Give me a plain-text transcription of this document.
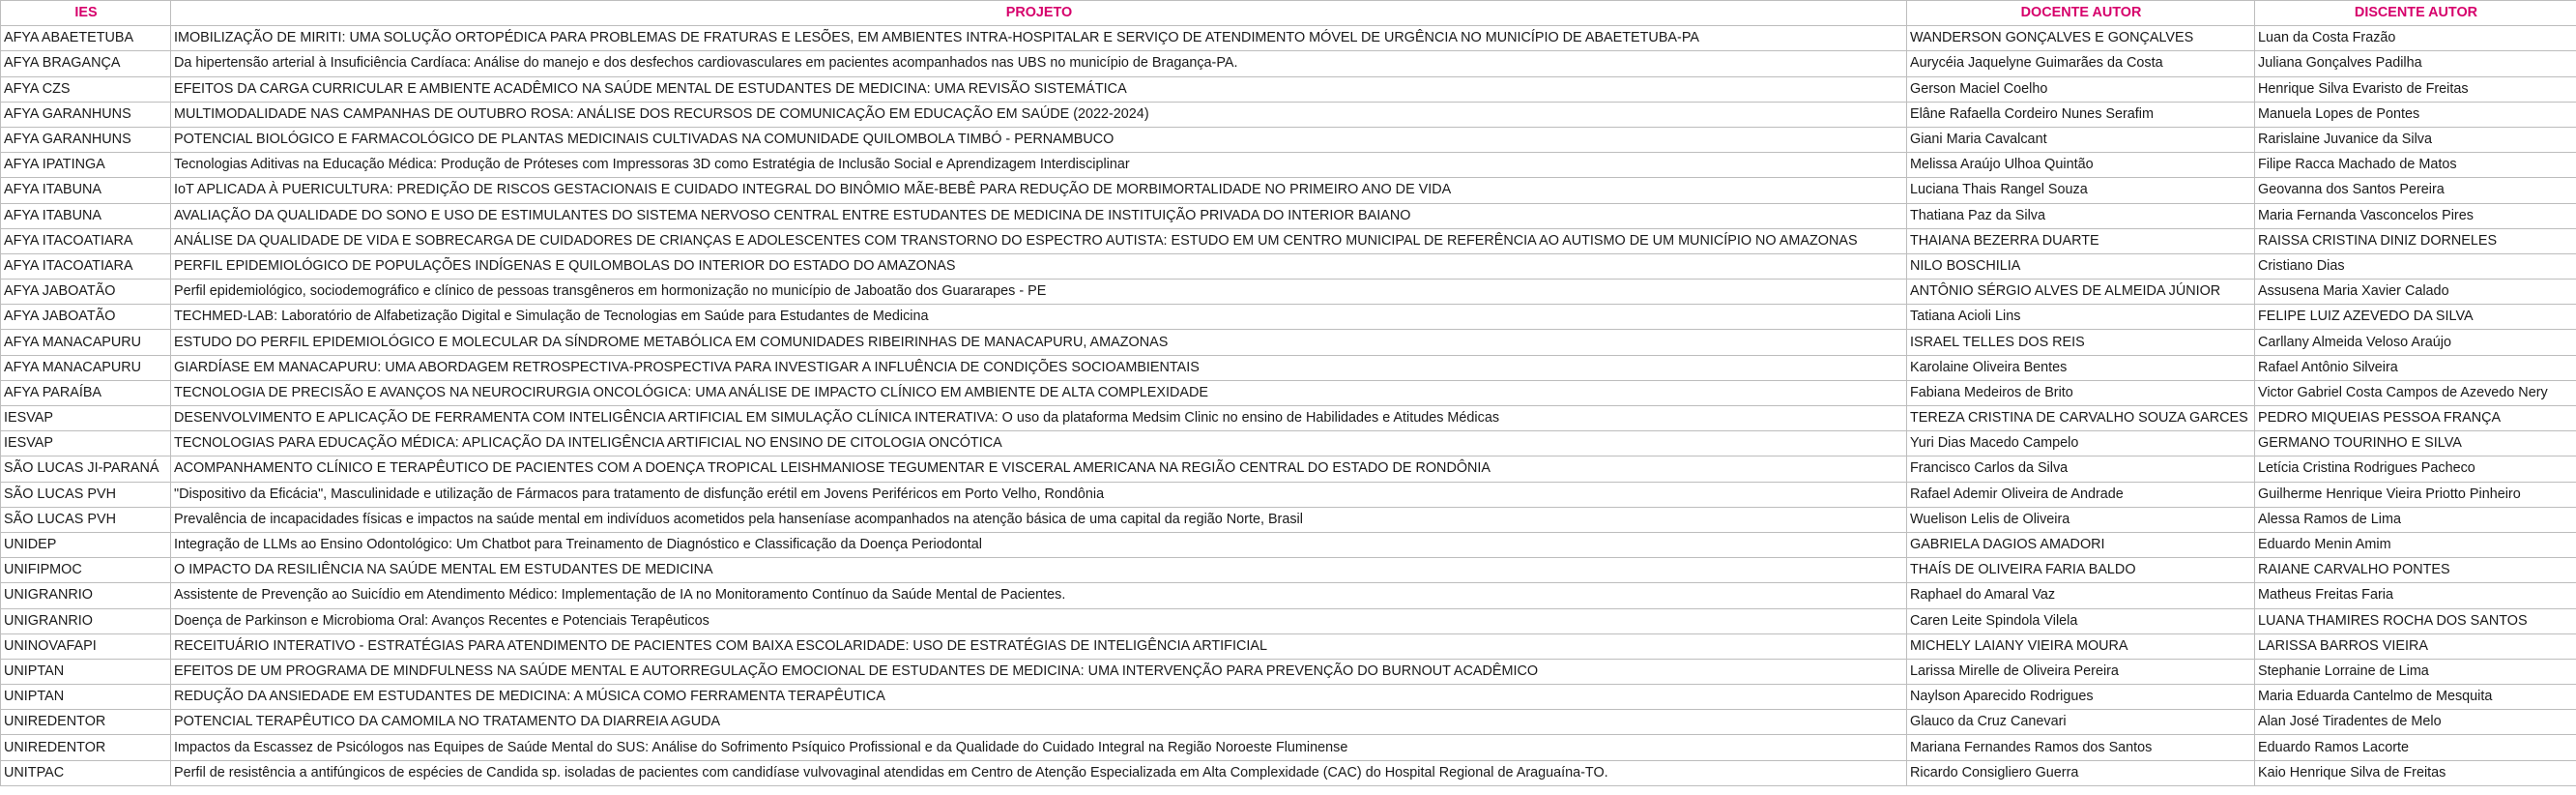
IES	PROJETO	DOCENTE AUTOR	DISCENTE AUTOR
AFYA ABAETETUBA	IMOBILIZAÇÃO DE MIRITI: UMA SOLUÇÃO ORTOPÉDICA PARA PROBLEMAS DE FRATURAS E LESÕES, EM AMBIENTES INTRA-HOSPITALAR E SERVIÇO DE ATENDIMENTO MÓVEL DE URGÊNCIA NO MUNICÍPIO DE ABAETETUBA-PA	WANDERSON GONÇALVES E GONÇALVES	Luan da Costa Frazão
AFYA BRAGANÇA	Da hipertensão arterial à Insuficiência Cardíaca: Análise do manejo e dos desfechos cardiovasculares em pacientes acompanhados nas UBS no município de Bragança-PA.	Aurycéia Jaquelyne Guimarães da Costa	Juliana Gonçalves Padilha
AFYA CZS	EFEITOS DA CARGA CURRICULAR E AMBIENTE ACADÊMICO NA SAÚDE MENTAL DE ESTUDANTES DE MEDICINA: UMA REVISÃO SISTEMÁTICA	Gerson Maciel Coelho	Henrique Silva Evaristo de Freitas
AFYA GARANHUNS	MULTIMODALIDADE NAS CAMPANHAS DE OUTUBRO ROSA: ANÁLISE DOS RECURSOS DE COMUNICAÇÃO EM EDUCAÇÃO EM SAÚDE (2022-2024)	Elâne Rafaella Cordeiro Nunes Serafim	Manuela Lopes de Pontes
AFYA GARANHUNS	POTENCIAL BIOLÓGICO E FARMACOLÓGICO DE PLANTAS MEDICINAIS CULTIVADAS NA COMUNIDADE QUILOMBOLA TIMBÓ - PERNAMBUCO	Giani Maria Cavalcant	Rarislaine Juvanice da Silva
AFYA IPATINGA	Tecnologias Aditivas na Educação Médica: Produção de Próteses com Impressoras 3D como Estratégia de Inclusão Social e Aprendizagem Interdisciplinar	Melissa Araújo Ulhoa Quintão	Filipe Racca Machado de Matos
AFYA ITABUNA	IoT APLICADA À PUERICULTURA: PREDIÇÃO DE RISCOS GESTACIONAIS E CUIDADO INTEGRAL DO BINÔMIO MÃE-BEBÊ PARA REDUÇÃO DE MORBIMORTALIDADE NO PRIMEIRO ANO DE VIDA	Luciana Thais Rangel Souza	Geovanna dos Santos Pereira
AFYA ITABUNA	AVALIAÇÃO DA QUALIDADE DO SONO E USO DE ESTIMULANTES DO SISTEMA NERVOSO CENTRAL ENTRE ESTUDANTES DE MEDICINA DE INSTITUIÇÃO PRIVADA DO INTERIOR BAIANO	Thatiana Paz da Silva	Maria Fernanda Vasconcelos Pires
AFYA ITACOATIARA	ANÁLISE DA QUALIDADE DE VIDA E SOBRECARGA DE CUIDADORES DE CRIANÇAS E ADOLESCENTES COM TRANSTORNO DO ESPECTRO AUTISTA: ESTUDO EM UM CENTRO MUNICIPAL DE REFERÊNCIA AO AUTISMO DE UM MUNICÍPIO NO AMAZONAS	THAIANA BEZERRA DUARTE	RAISSA CRISTINA DINIZ DORNELES
AFYA ITACOATIARA	PERFIL EPIDEMIOLÓGICO DE POPULAÇÕES INDÍGENAS E QUILOMBOLAS DO INTERIOR DO ESTADO DO AMAZONAS	NILO BOSCHILIA	Cristiano Dias
AFYA JABOATÃO	Perfil epidemiológico, sociodemográfico e clínico de pessoas transgêneros em hormonização no município de Jaboatão dos Guararapes - PE	ANTÔNIO SÉRGIO ALVES DE ALMEIDA JÚNIOR	Assusena Maria Xavier Calado
AFYA JABOATÃO	TECHMED-LAB: Laboratório de Alfabetização Digital e Simulação de Tecnologias em Saúde para Estudantes de Medicina	Tatiana Acioli Lins	FELIPE LUIZ AZEVEDO DA SILVA
AFYA MANACAPURU	ESTUDO DO PERFIL EPIDEMIOLÓGICO E MOLECULAR DA SÍNDROME METABÓLICA EM COMUNIDADES RIBEIRINHAS DE MANACAPURU, AMAZONAS	ISRAEL TELLES DOS REIS	Carllany Almeida Veloso Araújo
AFYA MANACAPURU	GIARDÍASE EM MANACAPURU: UMA ABORDAGEM RETROSPECTIVA-PROSPECTIVA PARA INVESTIGAR A INFLUÊNCIA DE CONDIÇÕES SOCIOAMBIENTAIS	Karolaine Oliveira Bentes	Rafael Antônio Silveira
AFYA PARAÍBA	TECNOLOGIA DE PRECISÃO E AVANÇOS NA NEUROCIRURGIA ONCOLÓGICA: UMA ANÁLISE DE IMPACTO CLÍNICO EM AMBIENTE DE ALTA COMPLEXIDADE	Fabiana Medeiros de Brito	Victor Gabriel Costa Campos de Azevedo Nery
IESVAP	DESENVOLVIMENTO E APLICAÇÃO DE FERRAMENTA COM INTELIGÊNCIA ARTIFICIAL EM SIMULAÇÃO CLÍNICA INTERATIVA: O uso da plataforma Medsim Clinic no ensino de Habilidades e Atitudes Médicas	TEREZA CRISTINA DE CARVALHO SOUZA GARCES	PEDRO MIQUEIAS PESSOA FRANÇA
IESVAP	TECNOLOGIAS PARA EDUCAÇÃO MÉDICA: APLICAÇÃO DA INTELIGÊNCIA ARTIFICIAL NO ENSINO DE CITOLOGIA ONCÓTICA	Yuri Dias Macedo Campelo	GERMANO TOURINHO E SILVA
SÃO LUCAS JI-PARANÁ	ACOMPANHAMENTO CLÍNICO E TERAPÊUTICO DE PACIENTES COM A DOENÇA TROPICAL LEISHMANIOSE TEGUMENTAR E VISCERAL AMERICANA NA REGIÃO CENTRAL DO ESTADO DE RONDÔNIA	Francisco Carlos da Silva	Letícia Cristina Rodrigues Pacheco
SÃO LUCAS PVH	"Dispositivo da Eficácia", Masculinidade e utilização de Fármacos para tratamento de disfunção erétil em Jovens Periféricos em Porto Velho, Rondônia	Rafael Ademir Oliveira de Andrade	Guilherme Henrique Vieira Priotto Pinheiro
SÃO LUCAS PVH	Prevalência de incapacidades físicas e impactos na saúde mental em indivíduos acometidos pela hanseníase acompanhados na atenção básica de uma capital da região Norte, Brasil	Wuelison Lelis de Oliveira	Alessa Ramos de Lima
UNIDEP	Integração de LLMs ao Ensino Odontológico: Um Chatbot para Treinamento de Diagnóstico e Classificação da Doença Periodontal	GABRIELA DAGIOS AMADORI	Eduardo Menin Amim
UNIFIPMOC	O IMPACTO DA RESILIÊNCIA NA SAÚDE MENTAL EM ESTUDANTES DE MEDICINA	THAÍS DE OLIVEIRA FARIA BALDO	RAIANE CARVALHO PONTES
UNIGRANRIO	Assistente de Prevenção ao Suicídio em Atendimento Médico: Implementação de IA no Monitoramento Contínuo da Saúde Mental de Pacientes.	Raphael do Amaral Vaz	Matheus Freitas Faria
UNIGRANRIO	Doença de Parkinson e Microbioma Oral: Avanços Recentes e Potenciais Terapêuticos	Caren Leite Spindola Vilela	LUANA THAMIRES ROCHA DOS SANTOS
UNINOVAFAPI	RECEITUÁRIO INTERATIVO - ESTRATÉGIAS PARA ATENDIMENTO DE PACIENTES COM BAIXA ESCOLARIDADE: USO DE ESTRATÉGIAS DE INTELIGÊNCIA ARTIFICIAL	MICHELY LAIANY VIEIRA MOURA	LARISSA BARROS VIEIRA
UNIPTAN	EFEITOS DE UM PROGRAMA DE MINDFULNESS NA SAÚDE MENTAL E AUTORREGULAÇÃO EMOCIONAL DE ESTUDANTES DE MEDICINA: UMA INTERVENÇÃO PARA PREVENÇÃO DO BURNOUT ACADÊMICO	Larissa Mirelle de Oliveira Pereira	Stephanie Lorraine de Lima
UNIPTAN	REDUÇÃO DA ANSIEDADE EM ESTUDANTES DE MEDICINA: A MÚSICA COMO FERRAMENTA TERAPÊUTICA	Naylson Aparecido Rodrigues	Maria Eduarda Cantelmo de Mesquita
UNIREDENTOR	POTENCIAL TERAPÊUTICO DA CAMOMILA NO TRATAMENTO DA DIARREIA AGUDA	Glauco da Cruz Canevari	Alan José Tiradentes de Melo
UNIREDENTOR	Impactos da Escassez de Psicólogos nas Equipes de Saúde Mental do SUS: Análise do Sofrimento Psíquico Profissional e da Qualidade do Cuidado Integral na Região Noroeste Fluminense	Mariana Fernandes Ramos dos Santos	Eduardo Ramos Lacorte
UNITPAC	Perfil de resistência a antifúngicos de espécies de Candida sp. isoladas de pacientes com candidíase vulvovaginal atendidas em Centro de Atenção Especializada em Alta Complexidade (CAC) do Hospital Regional de Araguaína-TO.	Ricardo Consigliero Guerra	Kaio Henrique Silva de Freitas
